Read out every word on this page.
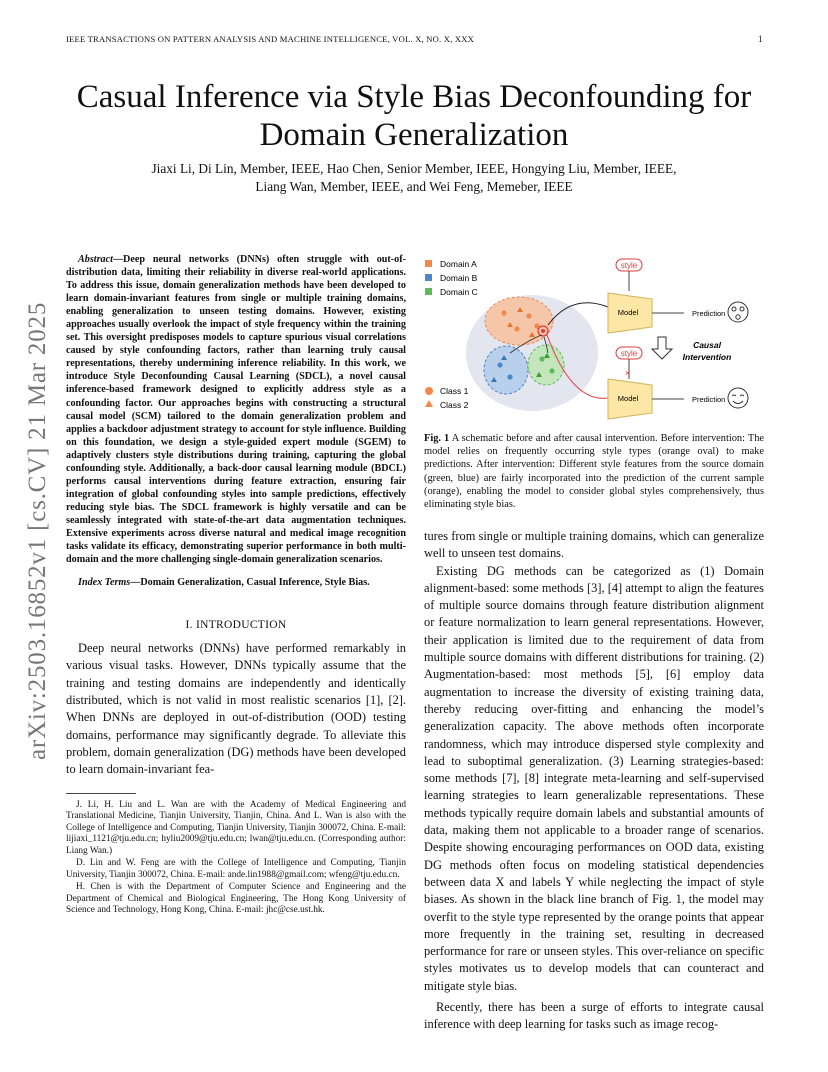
IEEE TRANSACTIONS ON PATTERN ANALYSIS AND MACHINE INTELLIGENCE, VOL. X, NO. X, XXX	1
Casual Inference via Style Bias Deconfounding for Domain Generalization
Jiaxi Li, Di Lin, Member, IEEE, Hao Chen, Senior Member, IEEE, Hongying Liu, Member, IEEE,
Liang Wan, Member, IEEE, and Wei Feng, Memeber, IEEE
arXiv:2503.16852v1 [cs.CV] 21 Mar 2025

Abstract—Deep neural networks (DNNs) often struggle with out-of-distribution data, limiting their reliability in diverse real-world applications. To address this issue, domain generalization methods have been developed to learn domain-invariant features from single or multiple training domains, enabling generalization to unseen testing domains. However, existing approaches usually overlook the impact of style frequency within the training set. This oversight predisposes models to capture spurious visual correlations caused by style confounding factors, rather than learning truly causal representations, thereby undermining inference reliability. In this work, we introduce Style Deconfounding Causal Learning (SDCL), a novel causal inference-based framework designed to explicitly address style as a confounding factor. Our approaches begins with constructing a structural causal model (SCM) tailored to the domain generalization problem and applies a backdoor adjustment strategy to account for style influence. Building on this foundation, we design a style-guided expert module (SGEM) to adaptively clusters style distributions during training, capturing the global confounding style. Additionally, a back-door causal learning module (BDCL) performs causal interventions during feature extraction, ensuring fair integration of global confounding styles into sample predictions, effectively reducing style bias. The SDCL framework is highly versatile and can be seamlessly integrated with state-of-the-art data augmentation techniques. Extensive experiments across diverse natural and medical image recognition tasks validate its efficacy, demonstrating superior performance in both multi-domain and the more challenging single-domain generalization scenarios.

Index Terms—Domain Generalization, Casual Inference, Style Bias.

I. INTRODUCTION

Deep neural networks (DNNs) have performed remarkably in various visual tasks. However, DNNs typically assume that the training and testing domains are independently and identically distributed, which is not valid in most realistic scenarios [1], [2]. When DNNs are deployed in out-of-distribution (OOD) testing domains, performance may significantly degrade. To alleviate this problem, domain generalization (DG) methods have been developed to learn domain-invariant fea-

J. Li, H. Liu and L. Wan are with the Academy of Medical Engineering and Translational Medicine, Tianjin University, Tianjin, China. And L. Wan is also with the College of Intelligence and Computing, Tianjin University, Tianjin 300072, China. E-mail: lijiaxi_1121@tju.edu.cn; hyliu2009@tju.edu.cn; lwan@tju.edu.cn. (Corresponding author: Liang Wan.)

D. Lin and W. Feng are with the College of Intelligence and Computing, Tianjin University, Tianjin 300072, China. E-mail: ande.lin1988@gmail.com; wfeng@tju.edu.cn.

H. Chen is with the Department of Computer Science and Engineering and the Department of Chemical and Biological Engineering, The Hong Kong University of Science and Technology, Hong Kong, China. E-mail: jhc@cse.ust.hk.

Domain A
Domain B
Domain C
Class 1
Class 2
style
Model	Prediction
Causal
Intervention
style
×
Model	Prediction

Fig. 1 A schematic before and after causal intervention. Before intervention: The model relies on frequently occurring style types (orange oval) to make predictions. After intervention: Different style features from the source domain (green, blue) are fairly incorporated into the prediction of the current sample (orange), enabling the model to consider global styles comprehensively, thus eliminating style bias.

tures from single or multiple training domains, which can generalize well to unseen test domains.

Existing DG methods can be categorized as (1) Domain alignment-based: some methods [3], [4] attempt to align the features of multiple source domains through feature distribution alignment or feature normalization to learn general representations. However, their application is limited due to the requirement of data from multiple source domains with different distributions for training. (2) Augmentation-based: most methods [5], [6] employ data augmentation to increase the diversity of existing training data, thereby reducing over-fitting and enhancing the model’s generalization capacity. The above methods often incorporate randomness, which may introduce dispersed style complexity and lead to suboptimal generalization. (3) Learning strategies-based: some methods [7], [8] integrate meta-learning and self-supervised learning strategies to learn generalizable representations. These methods typically require domain labels and substantial amounts of data, making them not applicable to a broader range of scenarios. Despite showing encouraging performances on OOD data, existing DG methods often focus on modeling statistical dependencies between data X and labels Y while neglecting the impact of style biases. As shown in the black line branch of Fig. 1, the model may overfit to the style type represented by the orange points that appear more frequently in the training set, resulting in decreased performance for rare or unseen styles. This over-reliance on specific styles motivates us to develop models that can counteract and mitigate style bias.

Recently, there has been a surge of efforts to integrate causal inference with deep learning for tasks such as image recog-
